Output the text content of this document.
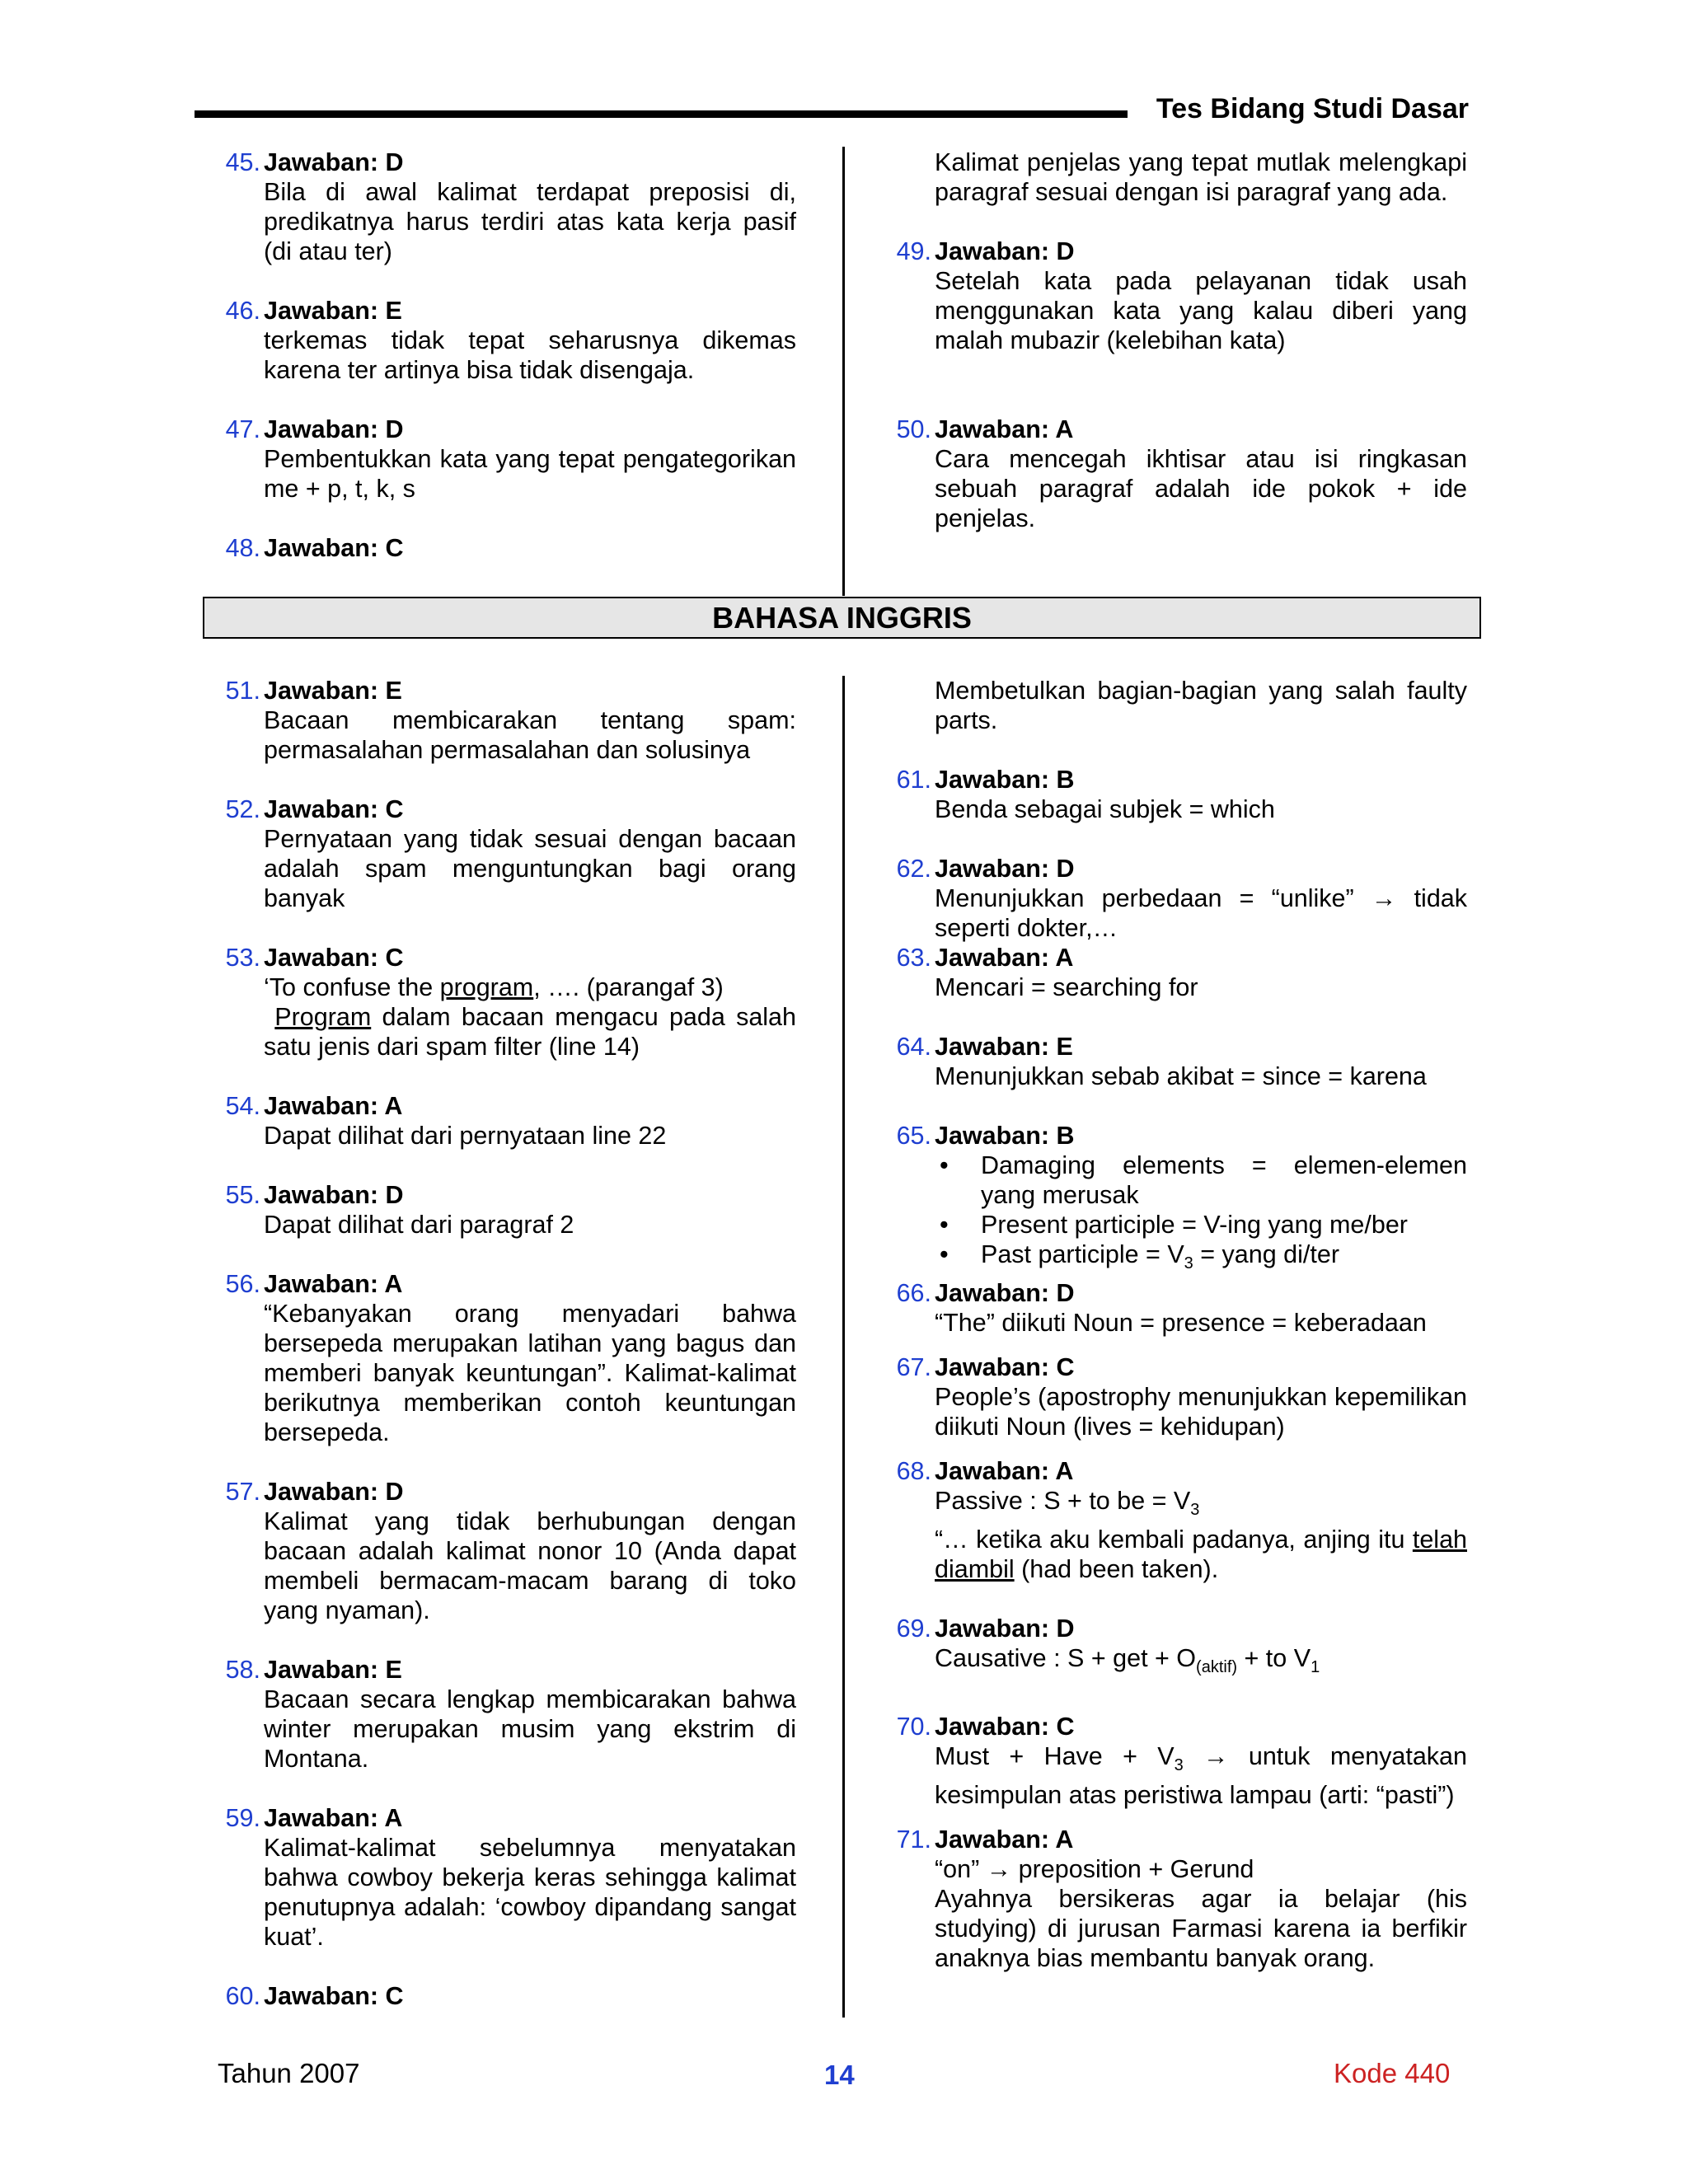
Tes Bidang Studi Dasar
45. Jawaban: D
Bila di awal kalimat terdapat preposisi di, predikatnya harus terdiri atas kata kerja pasif (di atau ter)
46. Jawaban: E
terkemas tidak tepat seharusnya dikemas karena ter artinya bisa tidak disengaja.
47. Jawaban: D
Pembentukkan kata yang tepat pengategorikan me + p, t, k, s
48. Jawaban: C
Kalimat penjelas yang tepat mutlak melengkapi paragraf sesuai dengan isi paragraf yang ada.
49. Jawaban: D
Setelah kata pada pelayanan tidak usah menggunakan kata yang kalau diberi yang malah mubazir (kelebihan kata)
50. Jawaban: A
Cara mencegah ikhtisar atau isi ringkasan sebuah paragraf adalah ide pokok + ide penjelas.
BAHASA INGGRIS
51. Jawaban: E
Bacaan membicarakan tentang spam: permasalahan permasalahan dan solusinya
52. Jawaban: C
Pernyataan yang tidak sesuai dengan bacaan adalah spam menguntungkan bagi orang banyak
53. Jawaban: C
‘To confuse the program, …. (parangaf 3)
Program dalam bacaan mengacu pada salah satu jenis dari spam filter (line 14)
54. Jawaban: A
Dapat dilihat dari pernyataan line 22
55. Jawaban: D
Dapat dilihat dari paragraf 2
56. Jawaban: A
“Kebanyakan orang menyadari bahwa bersepeda merupakan latihan yang bagus dan memberi banyak keuntungan”. Kalimat-kalimat berikutnya memberikan contoh keuntungan bersepeda.
57. Jawaban: D
Kalimat yang tidak berhubungan dengan bacaan adalah kalimat nonor 10 (Anda dapat membeli bermacam-macam barang di toko yang nyaman).
58. Jawaban: E
Bacaan secara lengkap membicarakan bahwa winter merupakan musim yang ekstrim di Montana.
59. Jawaban: A
Kalimat-kalimat sebelumnya menyatakan bahwa cowboy bekerja keras sehingga kalimat penutupnya adalah: ‘cowboy dipandang sangat kuat’.
60. Jawaban: C
Membetulkan bagian-bagian yang salah faulty parts.
61. Jawaban: B
Benda sebagai subjek = which
62. Jawaban: D
Menunjukkan perbedaan = “unlike” → tidak seperti dokter,…
63. Jawaban: A
Mencari = searching for
64. Jawaban: E
Menunjukkan sebab akibat = since = karena
65. Jawaban: B
• Damaging elements = elemen-elemen yang merusak
• Present participle = V-ing yang me/ber
• Past participle = $V_3$ = yang di/ter
66. Jawaban: D
“The” diikuti Noun = presence = keberadaan
67. Jawaban: C
People’s (apostrophy menunjukkan kepemilikan diikuti Noun (lives = kehidupan)
68. Jawaban: A
Passive : S + to be = $V_3$
“… ketika aku kembali padanya, anjing itu telah diambil (had been taken).
69. Jawaban: D
Causative : S + get + $O_{(aktif)}$ + to $V_1$
70. Jawaban: C
Must + Have + $V_3$ → untuk menyatakan kesimpulan atas peristiwa lampau (arti: “pasti”)
71. Jawaban: A
“on” → preposition + Gerund
Ayahnya bersikeras agar ia belajar (his studying) di jurusan Farmasi karena ia berfikir anaknya bias membantu banyak orang.
Tahun 2007	14	Kode 440
